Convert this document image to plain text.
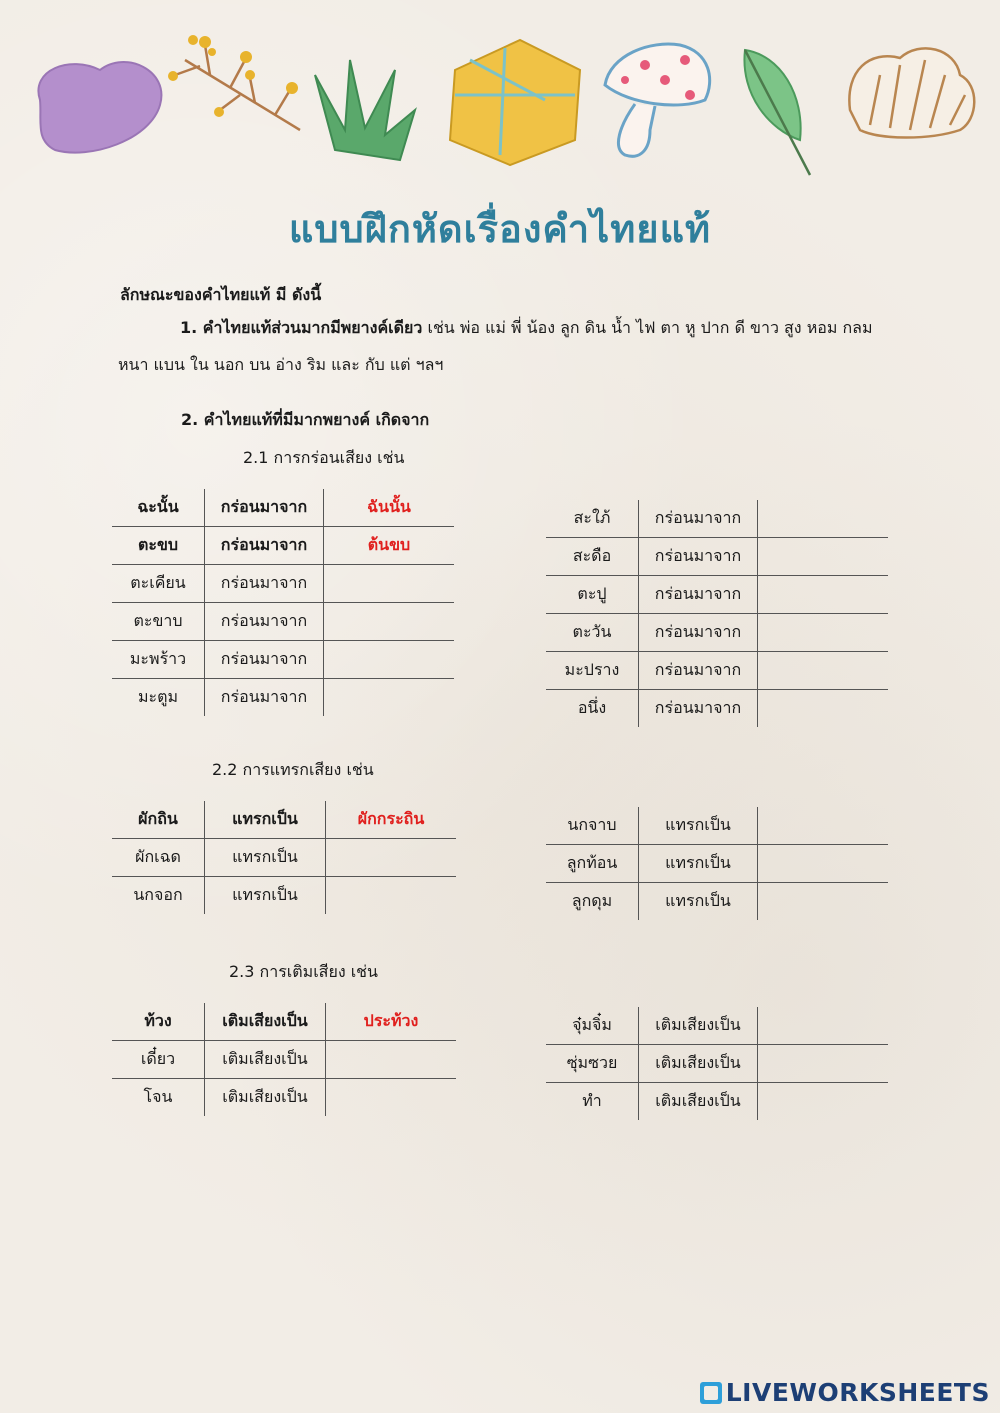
แบบฝึกหัดเรื่องคำไทยแท้
ลักษณะของคำไทยแท้ มี ดังนี้
1. คำไทยแท้ส่วนมากมีพยางค์เดียว เช่น พ่อ แม่ พี่ น้อง ลูก ดิน น้ำ ไฟ ตา หู ปาก ดี ขาว สูง หอม กลม หนา แบน ใน นอก บน อ่าง ริม และ กับ แต่ ฯลฯ
2. คำไทยแท้ที่มีมากพยางค์ เกิดจาก
2.1 การกร่อนเสียง เช่น
ฉะนั้น	กร่อนมาจาก	ฉันนั้น
ตะขบ	กร่อนมาจาก	ต้นขบ
ตะเคียน	กร่อนมาจาก	
ตะขาบ	กร่อนมาจาก	
มะพร้าว	กร่อนมาจาก	
มะตูม	กร่อนมาจาก	
สะใภ้	กร่อนมาจาก	
สะดือ	กร่อนมาจาก	
ตะปู	กร่อนมาจาก	
ตะวัน	กร่อนมาจาก	
มะปราง	กร่อนมาจาก	
อนึ่ง	กร่อนมาจาก	
2.2 การแทรกเสียง เช่น
ผักถิน	แทรกเป็น	ผักกระถิน
ผักเฉด	แทรกเป็น	
นกจอก	แทรกเป็น	
นกจาบ	แทรกเป็น	
ลูกท้อน	แทรกเป็น	
ลูกดุม	แทรกเป็น	
2.3 การเติมเสียง เช่น
ท้วง	เติมเสียงเป็น	ประท้วง
เดี๋ยว	เติมเสียงเป็น	
โจน	เติมเสียงเป็น	
จุ๋มจิ๋ม	เติมเสียงเป็น	
ซุ่มซวย	เติมเสียงเป็น	
ทำ	เติมเสียงเป็น	
LIVEWORKSHEETS
